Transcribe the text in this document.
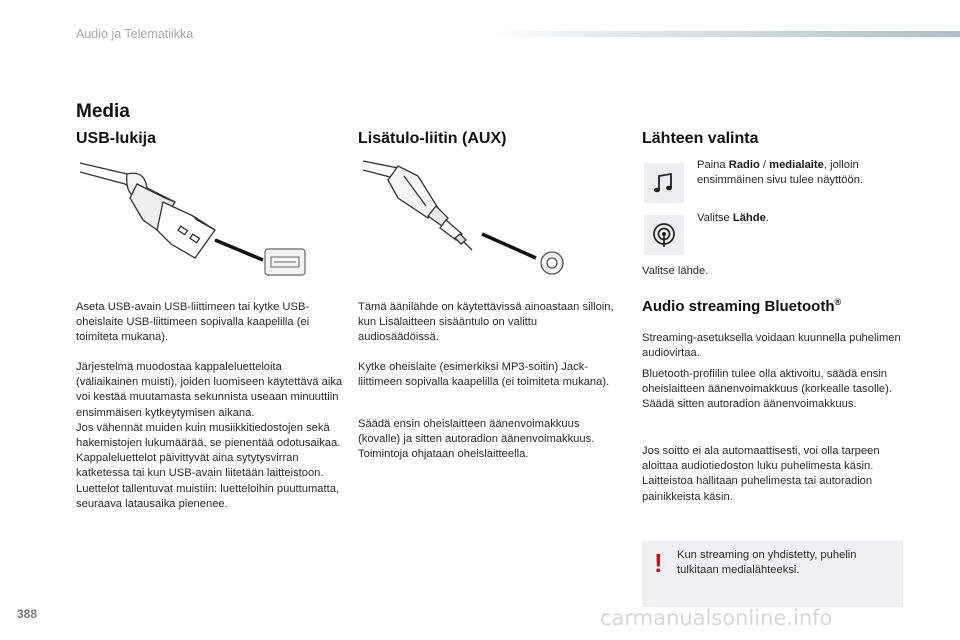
Audio ja Telematiikka
Media
USB-lukija
Aseta USB-avain USB-liittimeen tai kytke USB-oheislaite USB-liittimeen sopivalla kaapelilla (ei toimiteta mukana).
Järjestelmä muodostaa kappaleluetteloita (väliaikainen muisti), joiden luomiseen käytettävä aika voi kestää muutamasta sekunnista useaan minuuttiin ensimmäisen kytkeytymisen aikana.
Jos vähennät muiden kuin musiikkitiedostojen sekä hakemistojen lukumäärää, se pienentää odotusaikaa.
Kappaleluettelot päivittyvät aina sytytysvirran katketessa tai kun USB-avain liitetään laitteistoon. Luettelot tallentuvat muistiin: luetteloihin puuttumatta, seuraava latausaika pienenee.
Lisätulo-liitin (AUX)
Tämä äänilähde on käytettävissä ainoastaan silloin, kun Lisälaitteen sisääntulo on valittu audiosäädöissä.
Kytke oheislaite (esimerkiksi MP3-soitin) Jack-liittimeen sopivalla kaapelilla (ei toimiteta mukana).
Säädä ensin oheislaitteen äänenvoimakkuus (kovalle) ja sitten autoradion äänenvoimakkuus.
Toimintoja ohjataan oheislaitteella.
Lähteen valinta
Paina Radio / medialaite, jolloin ensimmäinen sivu tulee näyttöön.
Valitse Lähde.
Valitse lähde.
Audio streaming Bluetooth®
Streaming-asetuksella voidaan kuunnella puhelimen audiovirtaa.
Bluetooth-profiilin tulee olla aktivoitu, säädä ensin oheislaitteen äänenvoimakkuus (korkealle tasolle).
Säädä sitten autoradion äänenvoimakkuus.
Jos soitto ei ala automaattisesti, voi olla tarpeen aloittaa audiotiedoston luku puhelimesta käsin.
Laitteistoa hallitaan puhelimesta tai autoradion painikkeista käsin.
! Kun streaming on yhdistetty, puhelin tulkitaan medialähteeksi.
388	carmanualsonline.info
